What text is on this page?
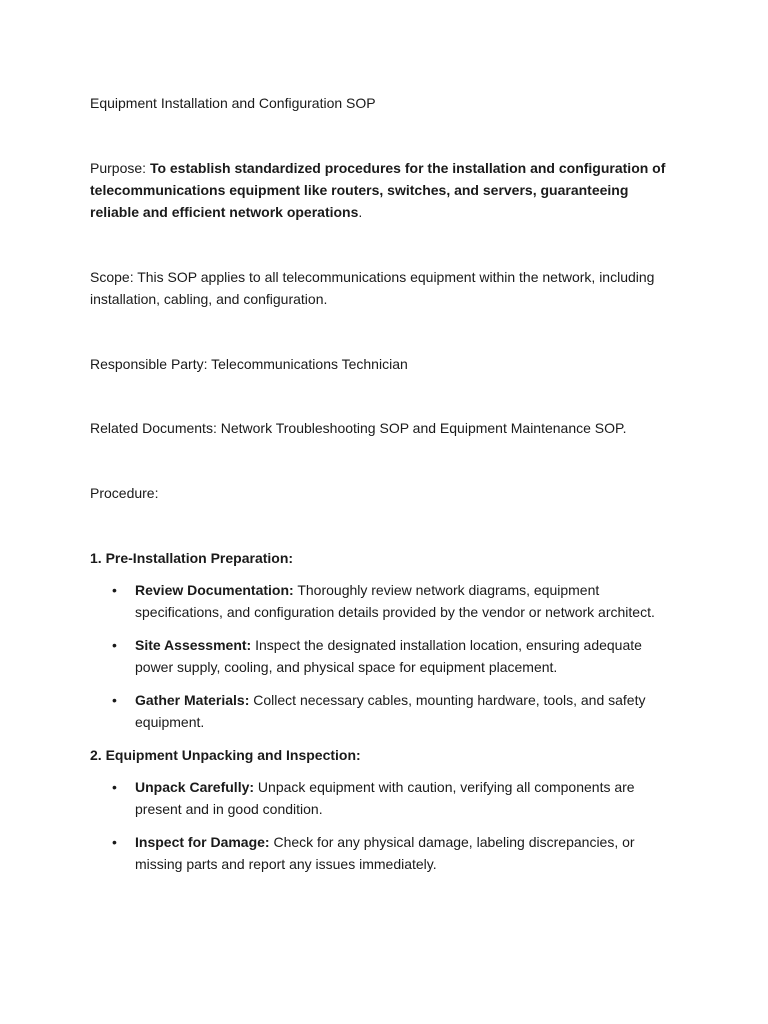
Equipment Installation and Configuration SOP

Purpose: To establish standardized procedures for the installation and configuration of telecommunications equipment like routers, switches, and servers, guaranteeing reliable and efficient network operations.

Scope: This SOP applies to all telecommunications equipment within the network, including installation, cabling, and configuration.

Responsible Party: Telecommunications Technician

Related Documents: Network Troubleshooting SOP and Equipment Maintenance SOP.

Procedure:

1. Pre-Installation Preparation:

• Review Documentation: Thoroughly review network diagrams, equipment specifications, and configuration details provided by the vendor or network architect.
• Site Assessment: Inspect the designated installation location, ensuring adequate power supply, cooling, and physical space for equipment placement.
• Gather Materials: Collect necessary cables, mounting hardware, tools, and safety equipment.

2. Equipment Unpacking and Inspection:

• Unpack Carefully: Unpack equipment with caution, verifying all components are present and in good condition.
• Inspect for Damage: Check for any physical damage, labeling discrepancies, or missing parts and report any issues immediately.
